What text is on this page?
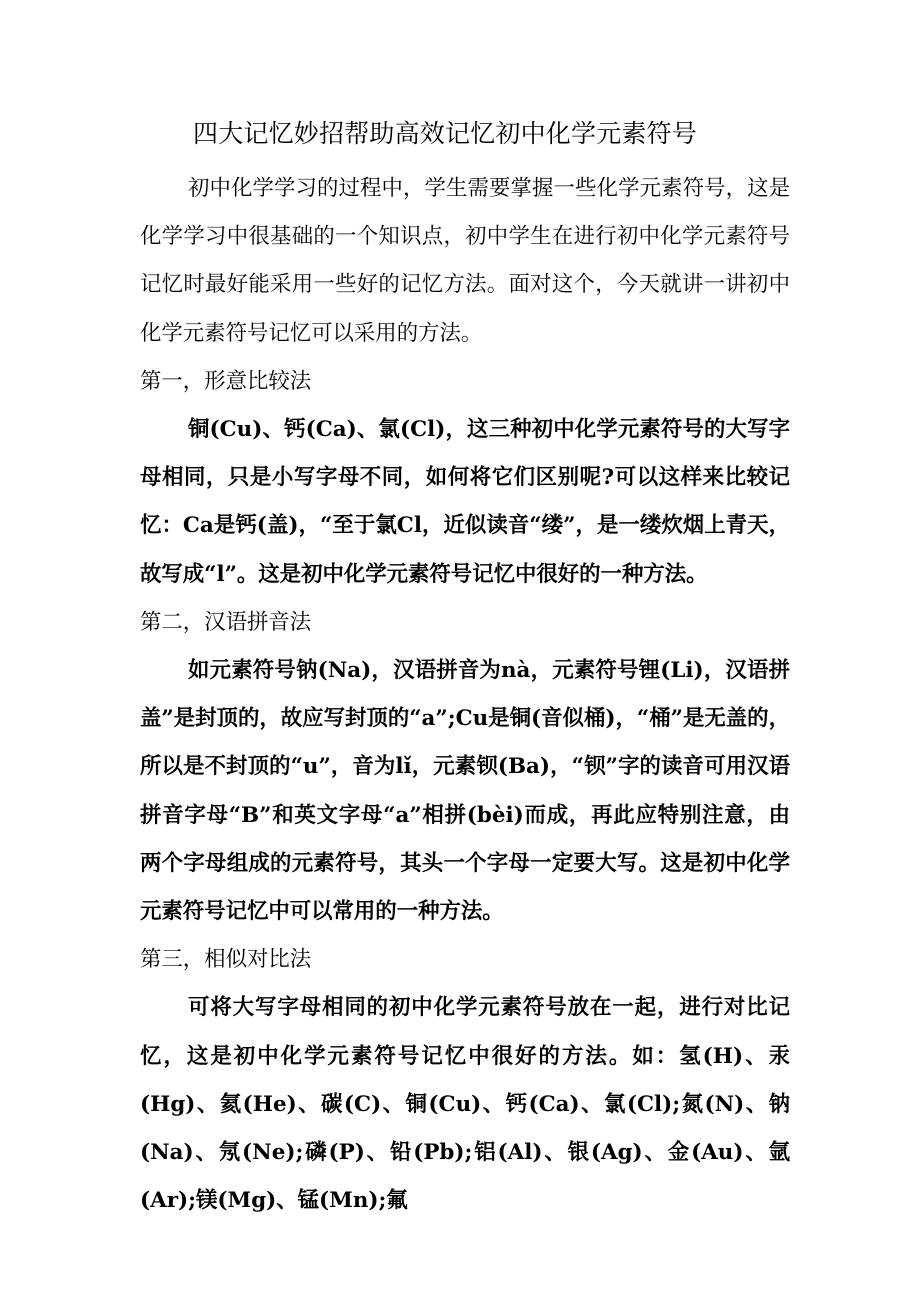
四大记忆妙招帮助高效记忆初中化学元素符号

初中化学学习的过程中，学生需要掌握一些化学元素符号，这是化学学习中很基础的一个知识点，初中学生在进行初中化学元素符号记忆时最好能采用一些好的记忆方法。面对这个，今天就讲一讲初中化学元素符号记忆可以采用的方法。

第一，形意比较法

铜(Cu)、钙(Ca)、氯(Cl)，这三种初中化学元素符号的大写字母相同，只是小写字母不同，如何将它们区别呢?可以这样来比较记忆：Ca是钙(盖)，“至于氯Cl，近似读音“缕”，是一缕炊烟上青天，故写成“l”。这是初中化学元素符号记忆中很好的一种方法。

第二，汉语拼音法

如元素符号钠(Na)，汉语拼音为nà，元素符号锂(Li)，汉语拼盖”是封顶的，故应写封顶的“a”;Cu是铜(音似桶)，“桶”是无盖的，所以是不封顶的“u”，音为lǐ，元素钡(Ba)，“钡”字的读音可用汉语拼音字母“B”和英文字母“a”相拼(bèi)而成，再此应特别注意，由两个字母组成的元素符号，其头一个字母一定要大写。这是初中化学元素符号记忆中可以常用的一种方法。

第三，相似对比法

可将大写字母相同的初中化学元素符号放在一起，进行对比记忆，这是初中化学元素符号记忆中很好的方法。如：氢(H)、汞(Hg)、氦(He)、碳(C)、铜(Cu)、钙(Ca)、氯(Cl);氮(N)、钠(Na)、氖(Ne);磷(P)、铅(Pb);铝(Al)、银(Ag)、金(Au)、氩(Ar);镁(Mg)、锰(Mn);氟
